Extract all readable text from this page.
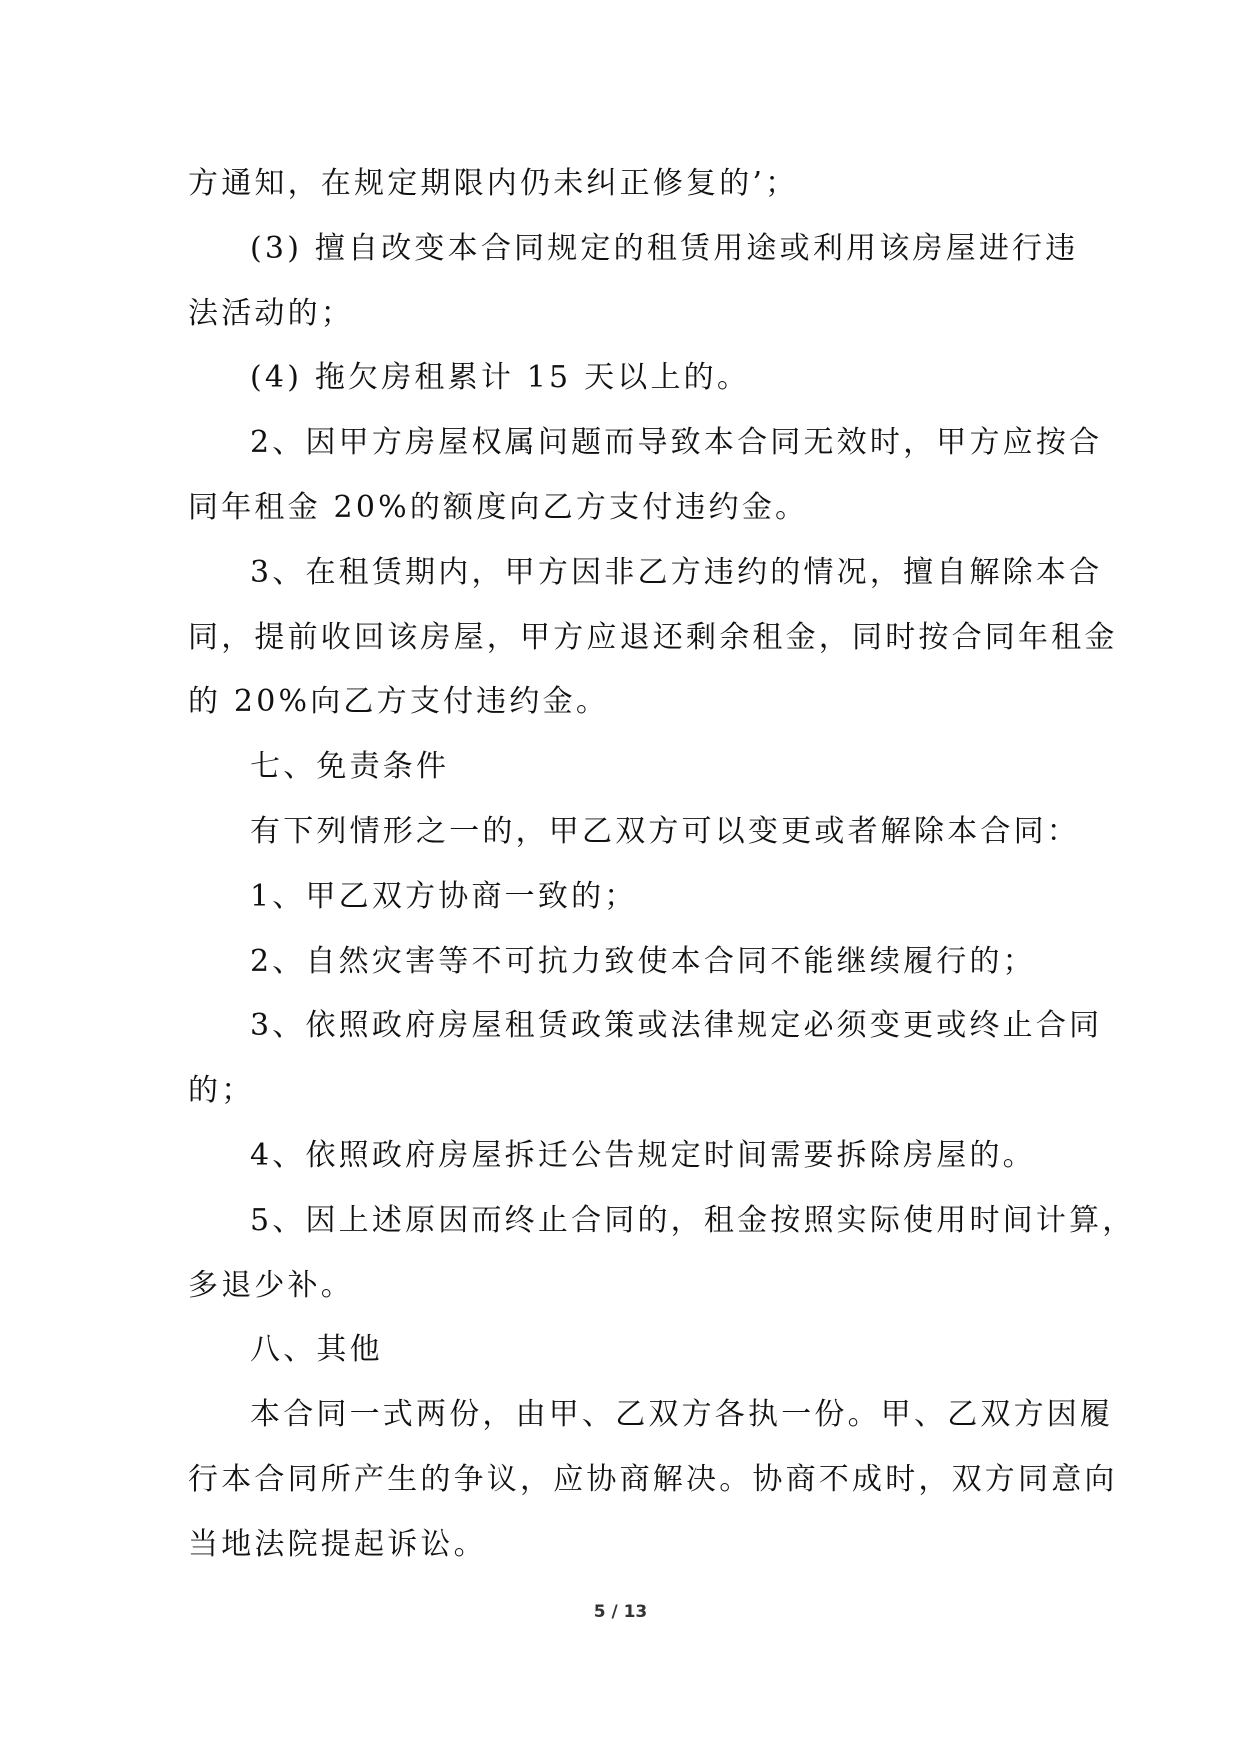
方通知，在规定期限内仍未纠正修复的’；
(3) 擅自改变本合同规定的租赁用途或利用该房屋进行违
法活动的；
(4) 拖欠房租累计 15 天以上的。
2、因甲方房屋权属问题而导致本合同无效时，甲方应按合
同年租金 20%的额度向乙方支付违约金。
3、在租赁期内，甲方因非乙方违约的情况，擅自解除本合
同，提前收回该房屋，甲方应退还剩余租金，同时按合同年租金
的 20%向乙方支付违约金。
七、免责条件
有下列情形之一的，甲乙双方可以变更或者解除本合同：
1、甲乙双方协商一致的；
2、自然灾害等不可抗力致使本合同不能继续履行的；
3、依照政府房屋租赁政策或法律规定必须变更或终止合同
的；
4、依照政府房屋拆迁公告规定时间需要拆除房屋的。
5、因上述原因而终止合同的，租金按照实际使用时间计算，
多退少补。
八、其他
本合同一式两份，由甲、乙双方各执一份。甲、乙双方因履
行本合同所产生的争议，应协商解决。协商不成时，双方同意向
当地法院提起诉讼。
5 / 13
